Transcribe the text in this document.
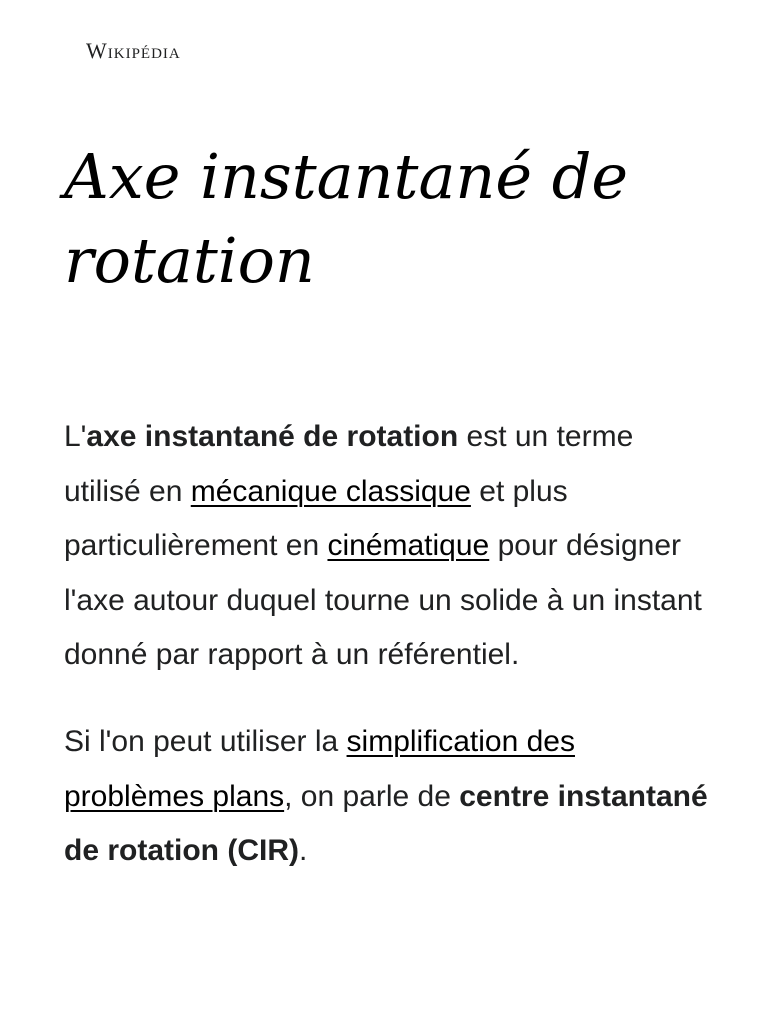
Wikipédia
Axe instantané de rotation

L'axe instantané de rotation est un terme utilisé en mécanique classique et plus particulièrement en cinématique pour désigner l'axe autour duquel tourne un solide à un instant donné par rapport à un référentiel.

Si l'on peut utiliser la simplification des problèmes plans, on parle de centre instantané de rotation (CIR).
